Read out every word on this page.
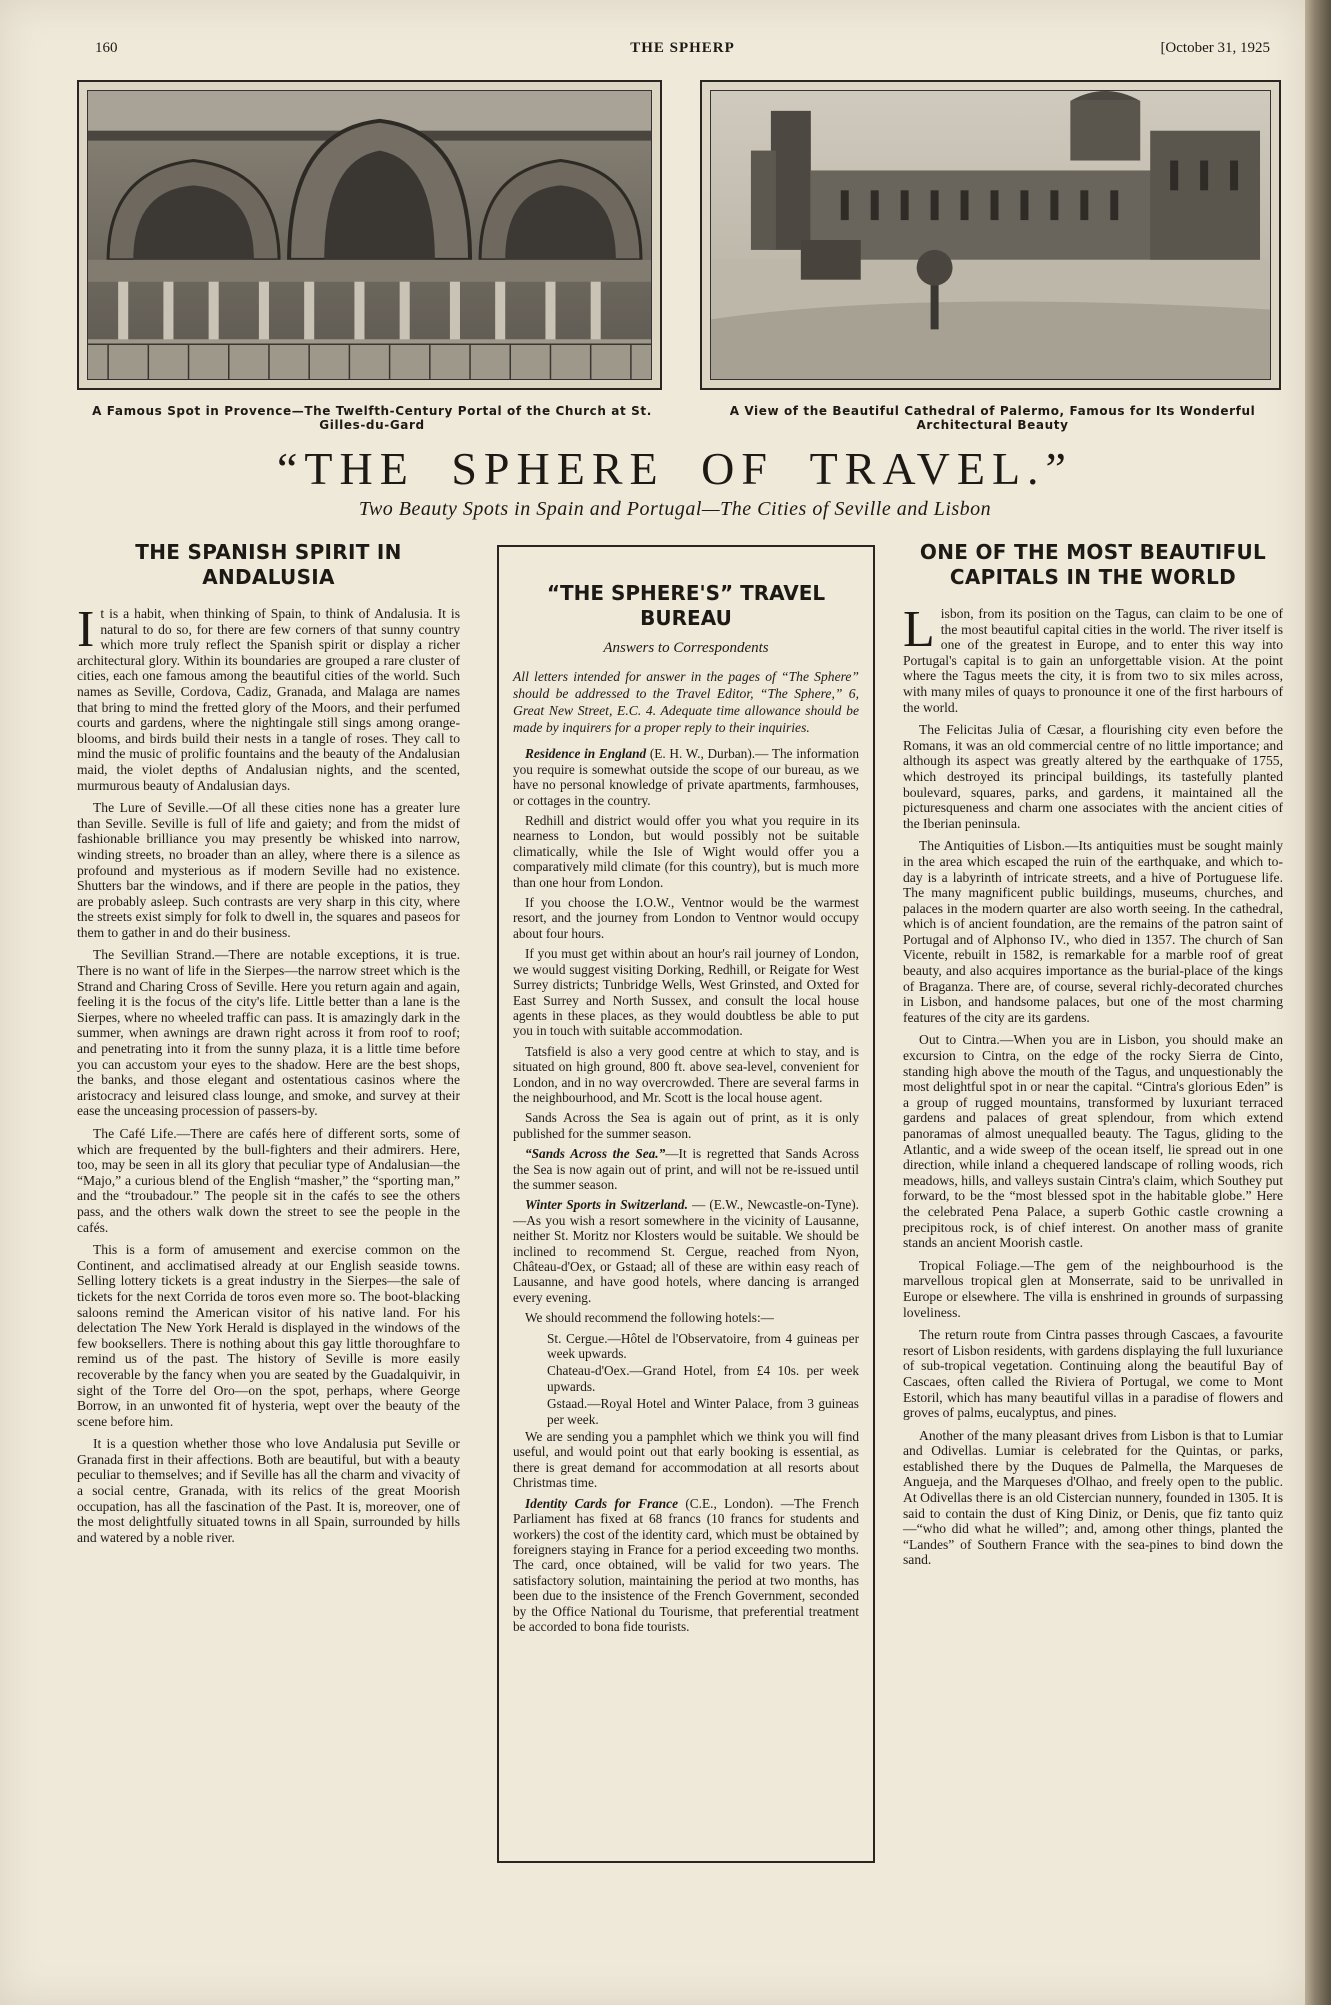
160	THE SPHERP	[October 31, 1925
A Famous Spot in Provence—The Twelfth-Century Portal of the Church at St. Gilles-du-Gard
A View of the Beautiful Cathedral of Palermo, Famous for Its Wonderful Architectural Beauty
“THE SPHERE OF TRAVEL.”
Two Beauty Spots in Spain and Portugal—The Cities of Seville and Lisbon
THE SPANISH SPIRIT IN ANDALUSIA

It is a habit, when thinking of Spain, to think of Andalusia. It is natural to do so, for there are few corners of that sunny country which more truly reflect the Spanish spirit or display a richer architectural glory. Within its boundaries are grouped a rare cluster of cities, each one famous among the beautiful cities of the world. Such names as Seville, Cordova, Cadiz, Granada, and Malaga are names that bring to mind the fretted glory of the Moors, and their perfumed courts and gardens, where the nightingale still sings among orange-blooms, and birds build their nests in a tangle of roses. They call to mind the music of prolific fountains and the beauty of the Andalusian maid, the violet depths of Andalusian nights, and the scented, murmurous beauty of Andalusian days.

The Lure of Seville.—Of all these cities none has a greater lure than Seville. Seville is full of life and gaiety; and from the midst of fashionable brilliance you may presently be whisked into narrow, winding streets, no broader than an alley, where there is a silence as profound and mysterious as if modern Seville had no existence. Shutters bar the windows, and if there are people in the patios, they are probably asleep. Such contrasts are very sharp in this city, where the streets exist simply for folk to dwell in, the squares and paseos for them to gather in and do their business.

The Sevillian Strand.—There are notable exceptions, it is true. There is no want of life in the Sierpes—the narrow street which is the Strand and Charing Cross of Seville. Here you return again and again, feeling it is the focus of the city's life. Little better than a lane is the Sierpes, where no wheeled traffic can pass. It is amazingly dark in the summer, when awnings are drawn right across it from roof to roof; and penetrating into it from the sunny plaza, it is a little time before you can accustom your eyes to the shadow. Here are the best shops, the banks, and those elegant and ostentatious casinos where the aristocracy and leisured class lounge, and smoke, and survey at their ease the unceasing procession of passers-by.

The Café Life.—There are cafés here of different sorts, some of which are frequented by the bull-fighters and their admirers. Here, too, may be seen in all its glory that peculiar type of Andalusian—the “Majo,” a curious blend of the English “masher,” the “sporting man,” and the “troubadour.” The people sit in the cafés to see the others pass, and the others walk down the street to see the people in the cafés.

This is a form of amusement and exercise common on the Continent, and acclimatised already at our English seaside towns. Selling lottery tickets is a great industry in the Sierpes—the sale of tickets for the next Corrida de toros even more so. The boot-blacking saloons remind the American visitor of his native land. For his delectation The New York Herald is displayed in the windows of the few booksellers. There is nothing about this gay little thoroughfare to remind us of the past. The history of Seville is more easily recoverable by the fancy when you are seated by the Guadalquivir, in sight of the Torre del Oro—on the spot, perhaps, where George Borrow, in an unwonted fit of hysteria, wept over the beauty of the scene before him.

It is a question whether those who love Andalusia put Seville or Granada first in their affections. Both are beautiful, but with a beauty peculiar to themselves; and if Seville has all the charm and vivacity of a social centre, Granada, with its relics of the great Moorish occupation, has all the fascination of the Past. It is, moreover, one of the most delightfully situated towns in all Spain, surrounded by hills and watered by a noble river.

“THE SPHERE'S” TRAVEL BUREAU
Answers to Correspondents

All letters intended for answer in the pages of “The Sphere” should be addressed to the Travel Editor, “The Sphere,” 6, Great New Street, E.C. 4. Adequate time allowance should be made by inquirers for a proper reply to their inquiries.

Residence in England (E. H. W., Durban).— The information you require is somewhat outside the scope of our bureau, as we have no personal knowledge of private apartments, farmhouses, or cottages in the country.

Redhill and district would offer you what you require in its nearness to London, but would possibly not be suitable climatically, while the Isle of Wight would offer you a comparatively mild climate (for this country), but is much more than one hour from London.

If you choose the I.O.W., Ventnor would be the warmest resort, and the journey from London to Ventnor would occupy about four hours.

If you must get within about an hour's rail journey of London, we would suggest visiting Dorking, Redhill, or Reigate for West Surrey districts; Tunbridge Wells, West Grinsted, and Oxted for East Surrey and North Sussex, and consult the local house agents in these places, as they would doubtless be able to put you in touch with suitable accommodation.

Tatsfield is also a very good centre at which to stay, and is situated on high ground, 800 ft. above sea-level, convenient for London, and in no way overcrowded. There are several farms in the neighbourhood, and Mr. Scott is the local house agent.

Sands Across the Sea is again out of print, as it is only published for the summer season.

“Sands Across the Sea.”—It is regretted that Sands Across the Sea is now again out of print, and will not be re-issued until the summer season.

Winter Sports in Switzerland. — (E.W., Newcastle-on-Tyne).—As you wish a resort somewhere in the vicinity of Lausanne, neither St. Moritz nor Klosters would be suitable. We should be inclined to recommend St. Cergue, reached from Nyon, Château-d'Oex, or Gstaad; all of these are within easy reach of Lausanne, and have good hotels, where dancing is arranged every evening.

We should recommend the following hotels:—

St. Cergue.—Hôtel de l'Observatoire, from 4 guineas per week upwards.

Chateau-d'Oex.—Grand Hotel, from £4 10s. per week upwards.

Gstaad.—Royal Hotel and Winter Palace, from 3 guineas per week.

We are sending you a pamphlet which we think you will find useful, and would point out that early booking is essential, as there is great demand for accommodation at all resorts about Christmas time.

Identity Cards for France (C.E., London). —The French Parliament has fixed at 68 francs (10 francs for students and workers) the cost of the identity card, which must be obtained by foreigners staying in France for a period exceeding two months. The card, once obtained, will be valid for two years. The satisfactory solution, maintaining the period at two months, has been due to the insistence of the French Government, seconded by the Office National du Tourisme, that preferential treatment be accorded to bona fide tourists.

ONE OF THE MOST BEAUTIFUL CAPITALS IN THE WORLD

Lisbon, from its position on the Tagus, can claim to be one of the most beautiful capital cities in the world. The river itself is one of the greatest in Europe, and to enter this way into Portugal's capital is to gain an unforgettable vision. At the point where the Tagus meets the city, it is from two to six miles across, with many miles of quays to pronounce it one of the first harbours of the world.

The Felicitas Julia of Cæsar, a flourishing city even before the Romans, it was an old commercial centre of no little importance; and although its aspect was greatly altered by the earthquake of 1755, which destroyed its principal buildings, its tastefully planted boulevard, squares, parks, and gardens, it maintained all the picturesqueness and charm one associates with the ancient cities of the Iberian peninsula.

The Antiquities of Lisbon.—Its antiquities must be sought mainly in the area which escaped the ruin of the earthquake, and which to-day is a labyrinth of intricate streets, and a hive of Portuguese life. The many magnificent public buildings, museums, churches, and palaces in the modern quarter are also worth seeing. In the cathedral, which is of ancient foundation, are the remains of the patron saint of Portugal and of Alphonso IV., who died in 1357. The church of San Vicente, rebuilt in 1582, is remarkable for a marble roof of great beauty, and also acquires importance as the burial-place of the kings of Braganza. There are, of course, several richly-decorated churches in Lisbon, and handsome palaces, but one of the most charming features of the city are its gardens.

Out to Cintra.—When you are in Lisbon, you should make an excursion to Cintra, on the edge of the rocky Sierra de Cinto, standing high above the mouth of the Tagus, and unquestionably the most delightful spot in or near the capital. “Cintra's glorious Eden” is a group of rugged mountains, transformed by luxuriant terraced gardens and palaces of great splendour, from which extend panoramas of almost unequalled beauty. The Tagus, gliding to the Atlantic, and a wide sweep of the ocean itself, lie spread out in one direction, while inland a chequered landscape of rolling woods, rich meadows, hills, and valleys sustain Cintra's claim, which Southey put forward, to be the “most blessed spot in the habitable globe.” Here the celebrated Pena Palace, a superb Gothic castle crowning a precipitous rock, is of chief interest. On another mass of granite stands an ancient Moorish castle.

Tropical Foliage.—The gem of the neighbourhood is the marvellous tropical glen at Monserrate, said to be unrivalled in Europe or elsewhere. The villa is enshrined in grounds of surpassing loveliness.

The return route from Cintra passes through Cascaes, a favourite resort of Lisbon residents, with gardens displaying the full luxuriance of sub-tropical vegetation. Continuing along the beautiful Bay of Cascaes, often called the Riviera of Portugal, we come to Mont Estoril, which has many beautiful villas in a paradise of flowers and groves of palms, eucalyptus, and pines.

Another of the many pleasant drives from Lisbon is that to Lumiar and Odivellas. Lumiar is celebrated for the Quintas, or parks, established there by the Duques de Palmella, the Marqueses de Angueja, and the Marqueses d'Olhao, and freely open to the public. At Odivellas there is an old Cistercian nunnery, founded in 1305. It is said to contain the dust of King Diniz, or Denis, que fiz tanto quiz—“who did what he willed”; and, among other things, planted the “Landes” of Southern France with the sea-pines to bind down the sand.
